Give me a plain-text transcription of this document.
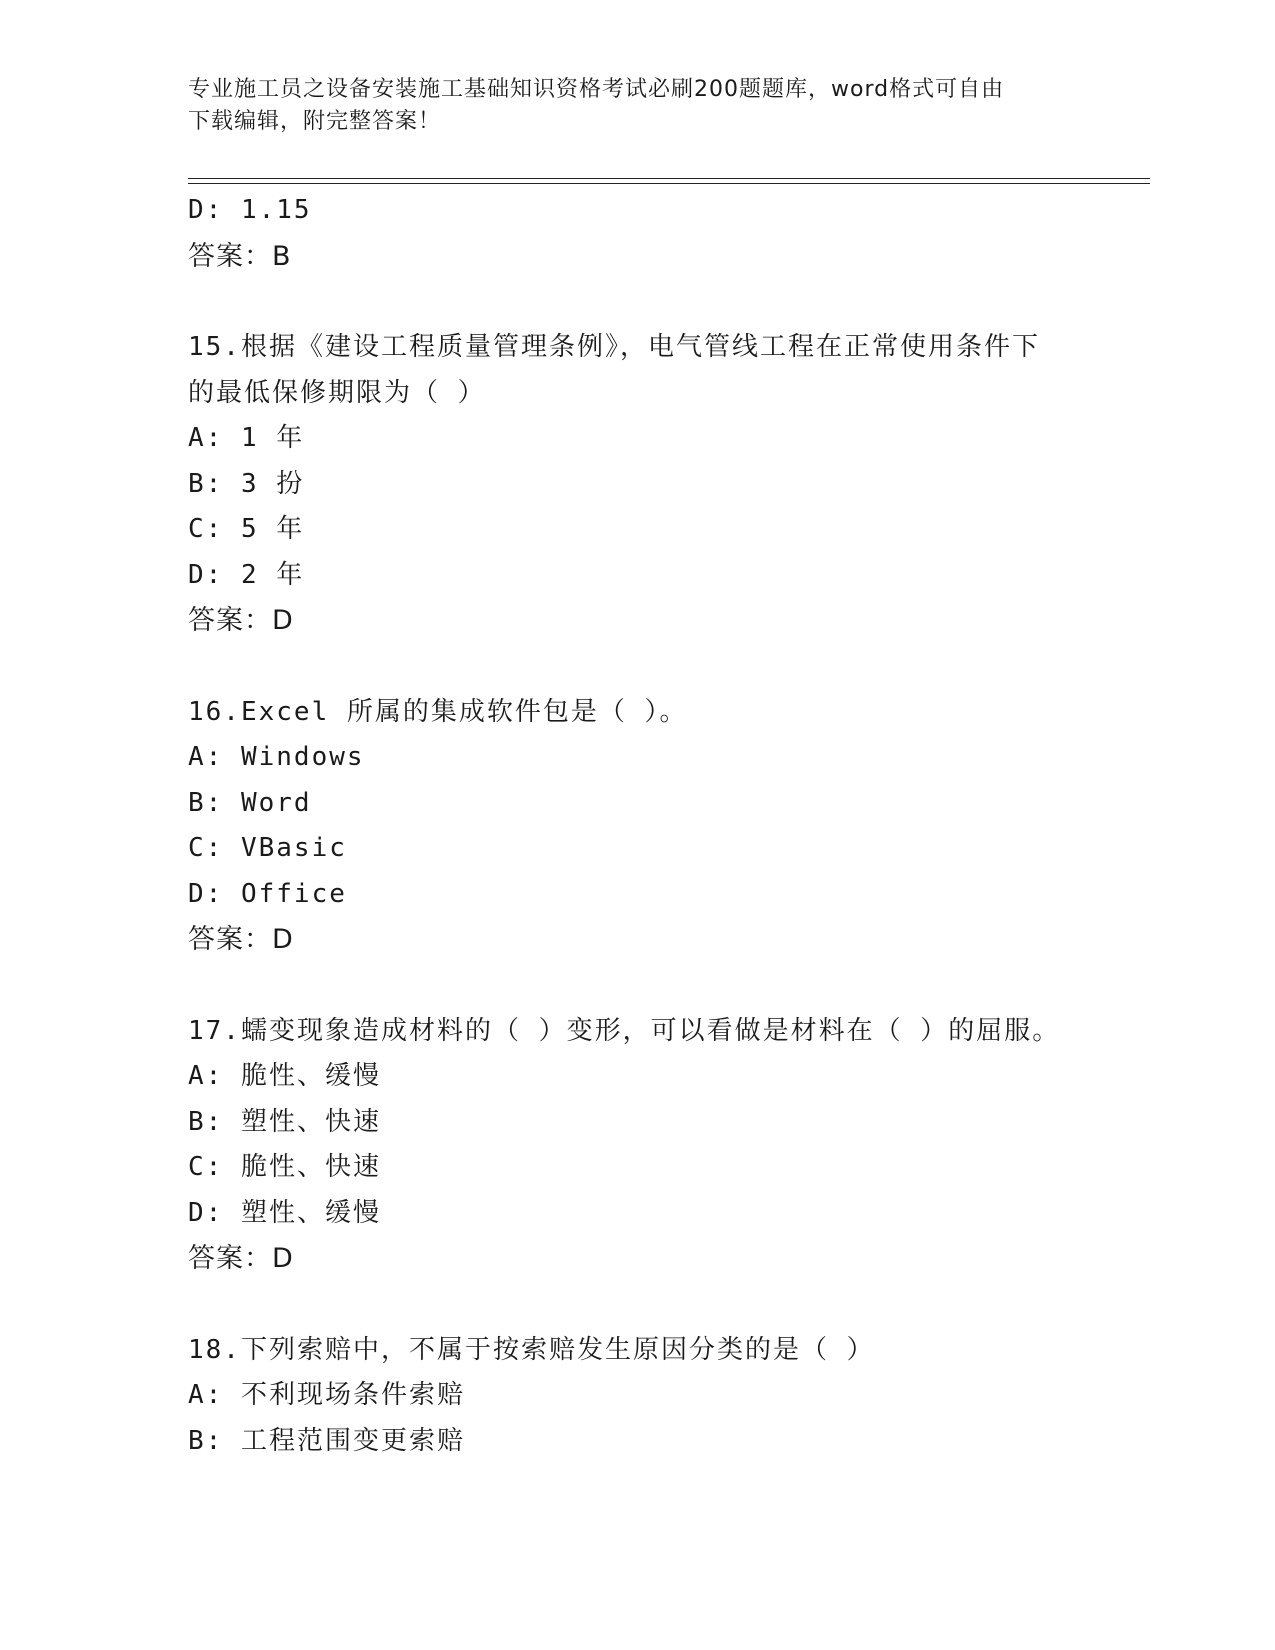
专业施工员之设备安装施工基础知识资格考试必刷200题题库，word格式可自由
下载编辑，附完整答案！
D: 1.15
答案：B
15.根据《建设工程质量管理条例》，电气管线工程在正常使用条件下
的最低保修期限为（ ）
A: 1 年
B: 3 扮
C: 5 年
D: 2 年
答案：D
16.Excel 所属的集成软件包是（ ）。
A: Windows
B: Word
C: VBasic
D: Office
答案：D
17.蠕变现象造成材料的（ ）变形，可以看做是材料在（ ）的屈服。
A: 脆性、缓慢
B: 塑性、快速
C: 脆性、快速
D: 塑性、缓慢
答案：D
18.下列索赔中，不属于按索赔发生原因分类的是（ ）
A: 不利现场条件索赔
B: 工程范围变更索赔
